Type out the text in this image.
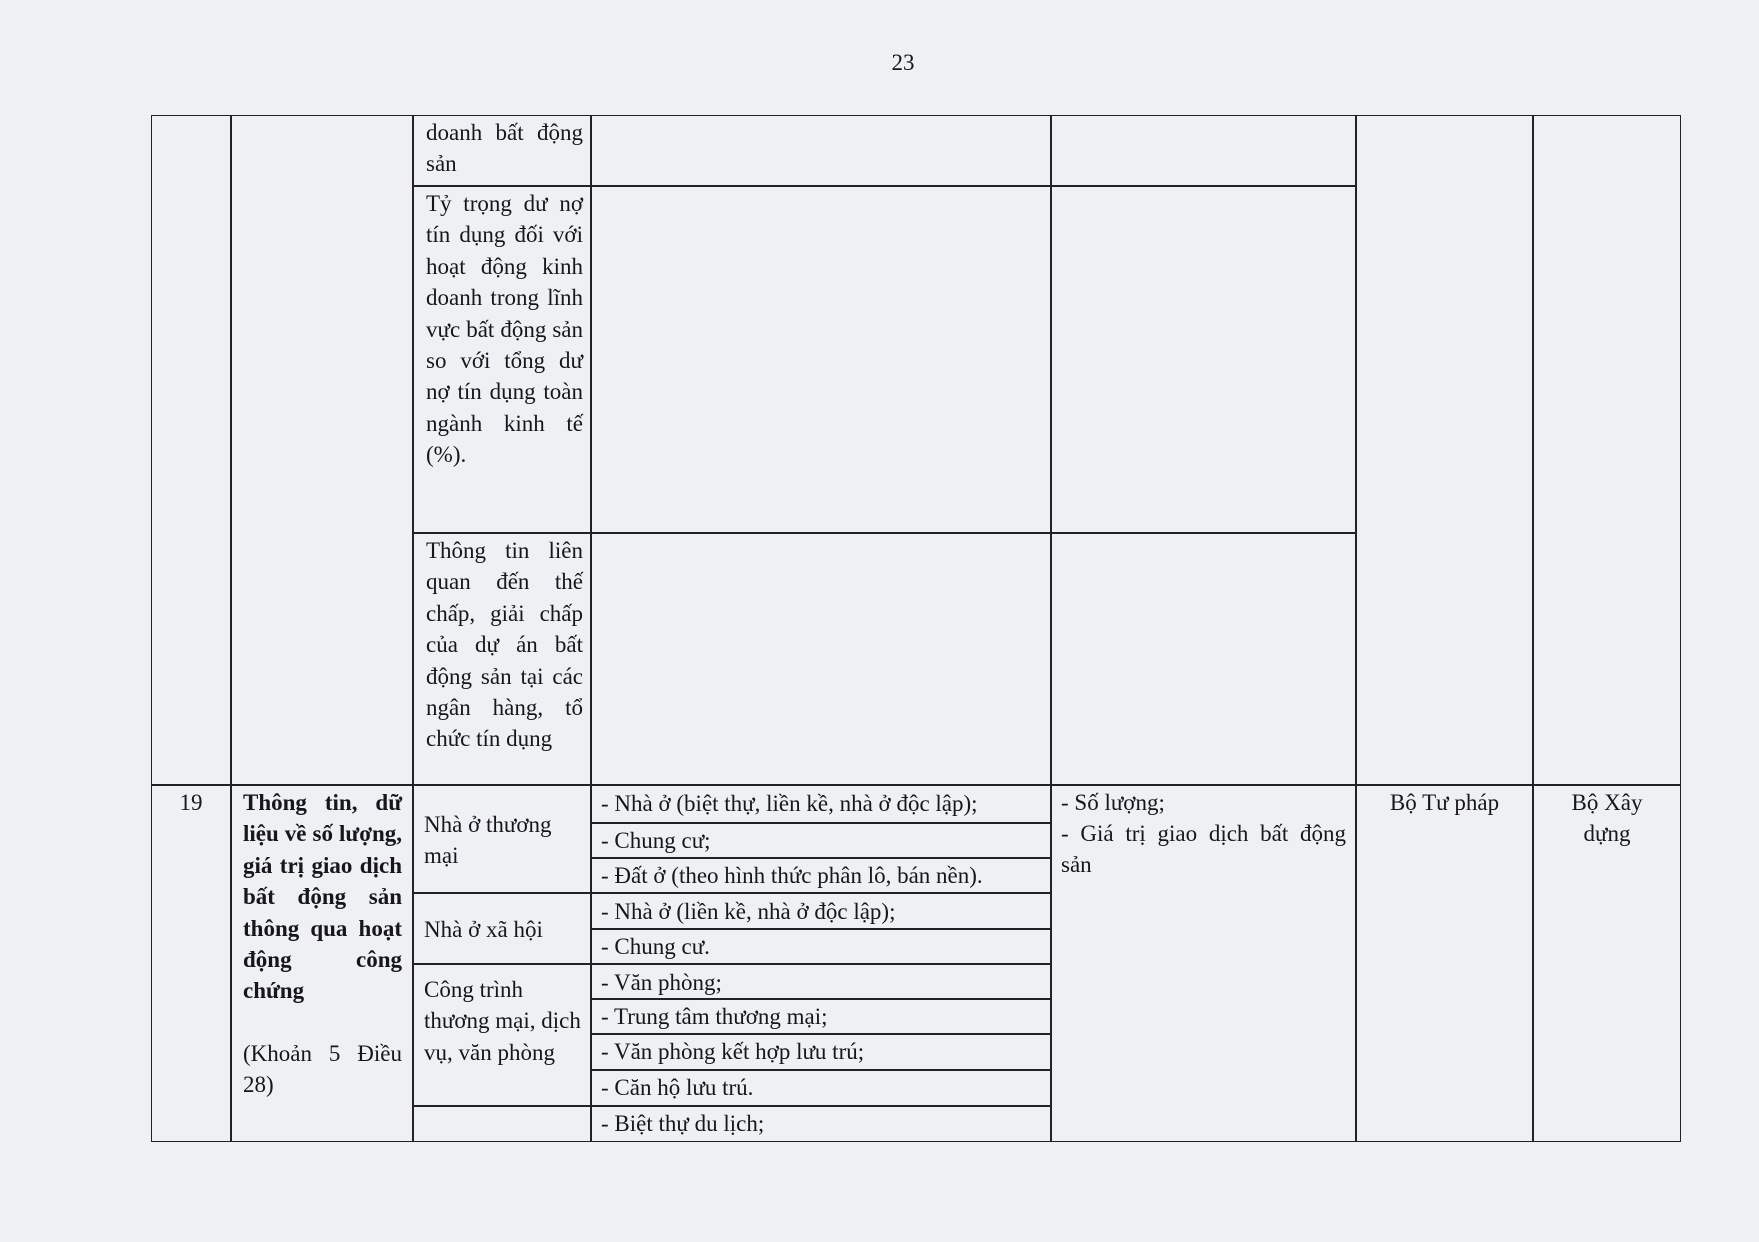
23
doanh bất động sản
Tỷ trọng dư nợ tín dụng đối với hoạt động kinh doanh trong lĩnh vực bất động sản so với tổng dư nợ tín dụng toàn ngành kinh tế (%).
Thông tin liên quan đến thế chấp, giải chấp của dự án bất động sản tại các ngân hàng, tổ chức tín dụng
19	Thông tin, dữ liệu về số lượng, giá trị giao dịch bất động sản thông qua hoạt động công chứng
(Khoản 5 Điều 28)
Nhà ở thương mại
Nhà ở xã hội
Công trình thương mại, dịch vụ, văn phòng
- Nhà ở (biệt thự, liền kề, nhà ở độc lập);
- Chung cư;
- Đất ở (theo hình thức phân lô, bán nền).
- Nhà ở (liền kề, nhà ở độc lập);
- Chung cư.
- Văn phòng;
- Trung tâm thương mại;
- Văn phòng kết hợp lưu trú;
- Căn hộ lưu trú.
- Biệt thự du lịch;
- Số lượng;
- Giá trị giao dịch bất động sản
Bộ Tư pháp	Bộ Xây dựng
